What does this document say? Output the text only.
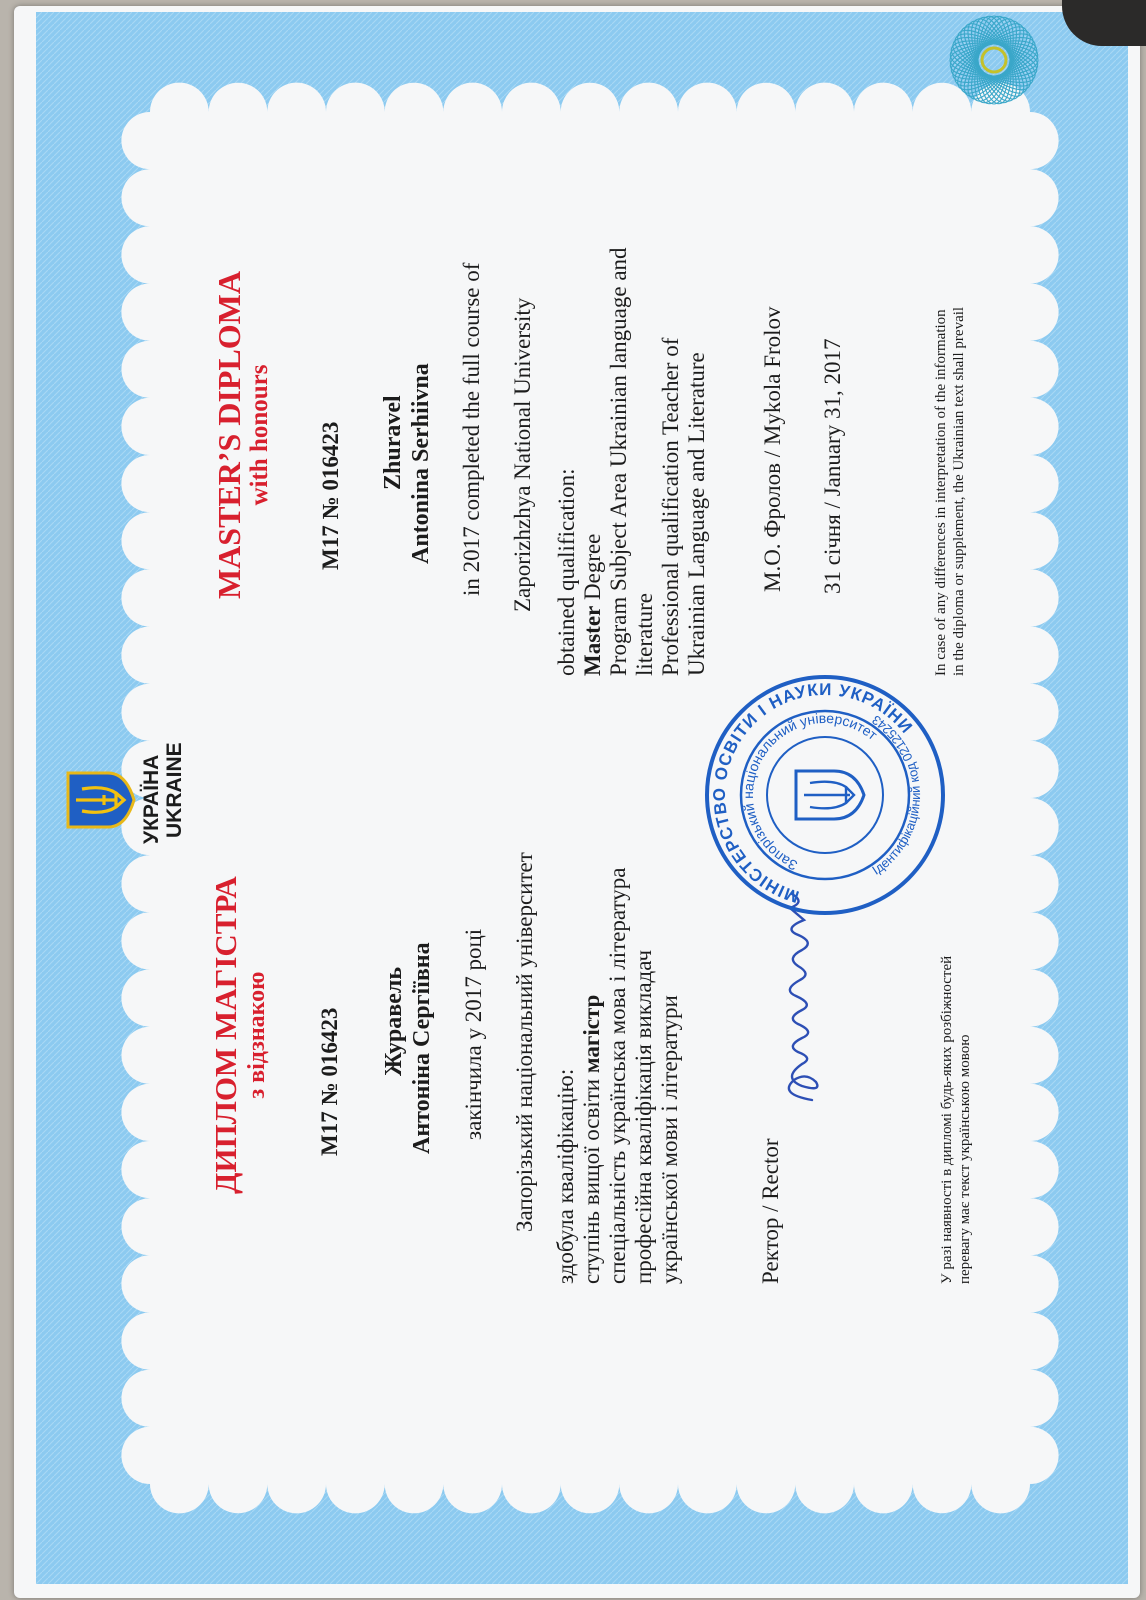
УКРАЇНА UKRAINE
ДИПЛОМ МАГІСТРА з відзнакою М17 № 016423 Журавель Антоніна Сергіївна закінчила у 2017 році Запорізький національний університет здобула кваліфікацію: ступінь вищої освіти магістр спеціальність українська мова і література професійна кваліфікація викладач української мови і літератури	Ректор / Rector	У разі наявності в дипломі будь-яких розбіжностей перевагу має текст українською мовою
MASTER’S DIPLOMA with honours M17 № 016423 Zhuravel Antonina Serhiivna in 2017 completed the full course of Zaporizhzhya National University obtained qualification: Master Degree Program Subject Area Ukrainian language and literature Professional qualification Teacher of Ukrainian Language and Literature М.О. Фролов / Mykola Frolov 31 січня / January 31, 2017	In case of any differences in interpretation of the information in the diploma or supplement, the Ukrainian text shall prevail
МІНІСТЕРСТВО ОСВІТИ І НАУКИ УКРАЇНИ
Запорізький національний університет
Ідентифікаційний код 02125243
